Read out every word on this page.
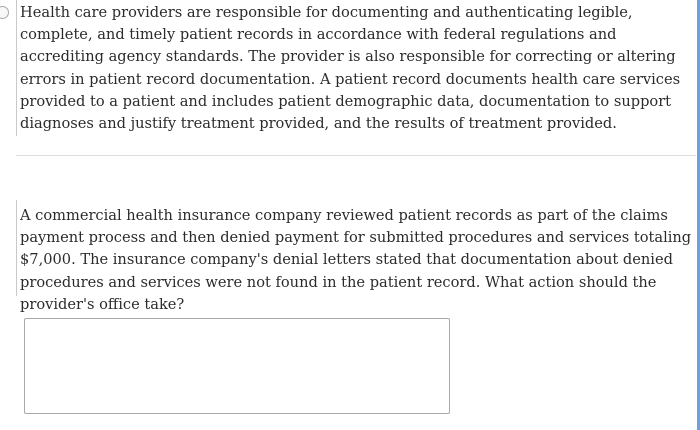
Health care providers are responsible for documenting and authenticating legible, complete, and timely patient records in accordance with federal regulations and accrediting agency standards. The provider is also responsible for correcting or altering errors in patient record documentation. A patient record documents health care services provided to a patient and includes patient demographic data, documentation to support diagnoses and justify treatment provided, and the results of treatment provided.

A commercial health insurance company reviewed patient records as part of the claims payment process and then denied payment for submitted procedures and services totaling $7,000. The insurance company's denial letters stated that documentation about denied procedures and services were not found in the patient record. What action should the provider's office take?
